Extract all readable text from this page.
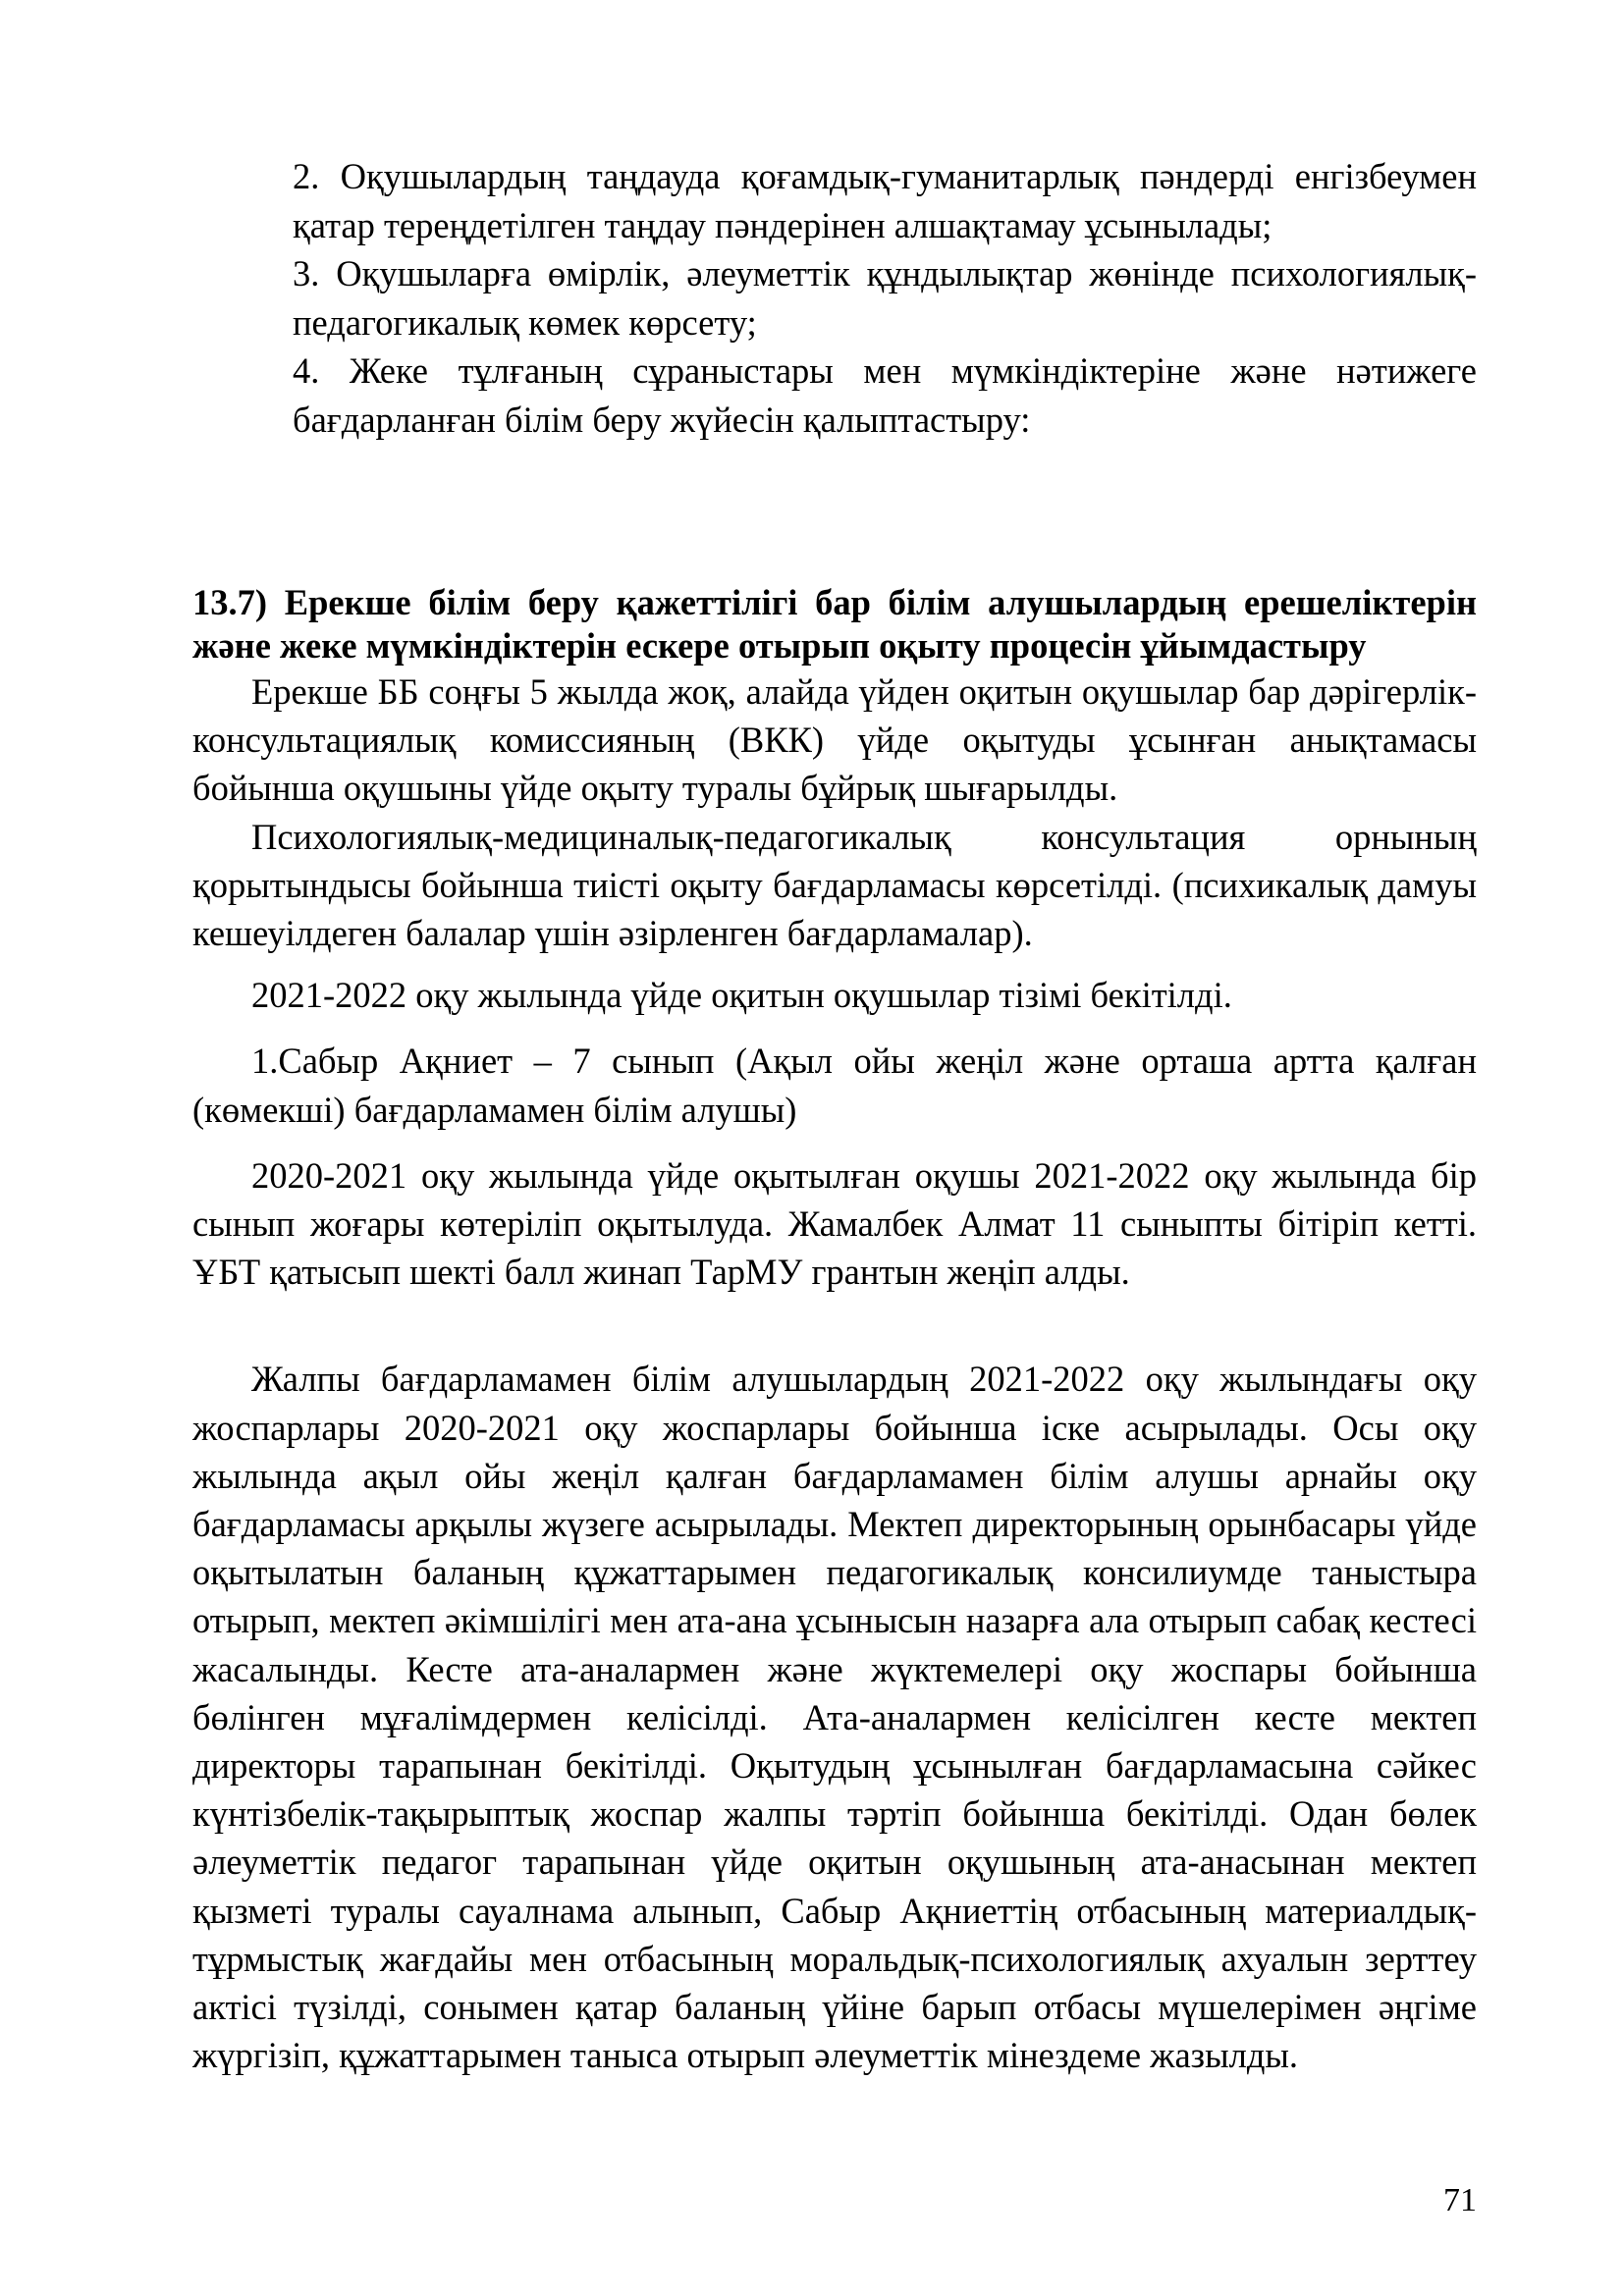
2. Оқушылардың таңдауда қоғамдық-гуманитарлық пәндерді енгізбеумен қатар тереңдетілген таңдау пәндерінен алшақтамау ұсынылады;

3. Оқушыларға өмірлік, әлеуметтік құндылықтар жөнінде психологиялық-педагогикалық көмек көрсету;

4. Жеке тұлғаның сұраныстары мен мүмкіндіктеріне және нәтижеге бағдарланған білім беру жүйесін қалыптастыру:

13.7) Ерекше білім беру қажеттілігі бар білім алушылардың ерешеліктерін және жеке мүмкіндіктерін ескере отырып оқыту процесін ұйымдастыру

Ерекше ББ соңғы 5 жылда жоқ, алайда үйден оқитын оқушылар бар дәрігерлік-консультациялық комиссияның (ВКК) үйде оқытуды ұсынған анықтамасы бойынша оқушыны үйде оқыту туралы бұйрық шығарылды.

Психологиялық-медициналық-педагогикалық консультация орнының қорытындысы бойынша тиісті оқыту бағдарламасы көрсетілді. (психикалық дамуы кешеуілдеген балалар үшін әзірленген бағдарламалар).

2021-2022 оқу жылында үйде оқитын оқушылар тізімі бекітілді.

1.Сабыр Ақниет – 7 сынып (Ақыл ойы жеңіл және орташа артта қалған (көмекші) бағдарламамен білім алушы)

2020-2021 оқу жылында үйде оқытылған оқушы 2021-2022 оқу жылында бір сынып жоғары көтеріліп оқытылуда. Жамалбек Алмат 11 сыныпты бітіріп кетті. ҰБТ қатысып шекті балл жинап ТарМУ грантын жеңіп алды.

Жалпы бағдарламамен білім алушылардың 2021-2022 оқу жылындағы оқу жоспарлары 2020-2021 оқу жоспарлары бойынша іске асырылады. Осы оқу жылында ақыл ойы жеңіл қалған бағдарламамен білім алушы арнайы оқу бағдарламасы арқылы жүзеге асырылады. Мектеп директорының орынбасары үйде оқытылатын баланың құжаттарымен педагогикалық консилиумде таныстыра отырып, мектеп әкімшілігі мен ата-ана ұсынысын назарға ала отырып сабақ кестесі жасалынды. Кесте ата-аналармен және жүктемелері оқу жоспары бойынша бөлінген мұғалімдермен келісілді. Ата-аналармен келісілген кесте мектеп директоры тарапынан бекітілді. Оқытудың ұсынылған бағдарламасына сәйкес күнтізбелік-тақырыптық жоспар жалпы тәртіп бойынша бекітілді. Одан бөлек әлеуметтік педагог тарапынан үйде оқитын оқушының ата-анасынан мектеп қызметі туралы сауалнама алынып, Сабыр Ақниеттің отбасының материалдық-тұрмыстық жағдайы мен отбасының моральдық-психологиялық ахуалын зерттеу актісі түзілді, сонымен қатар баланың үйіне барып отбасы мүшелерімен әңгіме жүргізіп, құжаттарымен таныса отырып әлеуметтік мінездеме жазылды.

71
